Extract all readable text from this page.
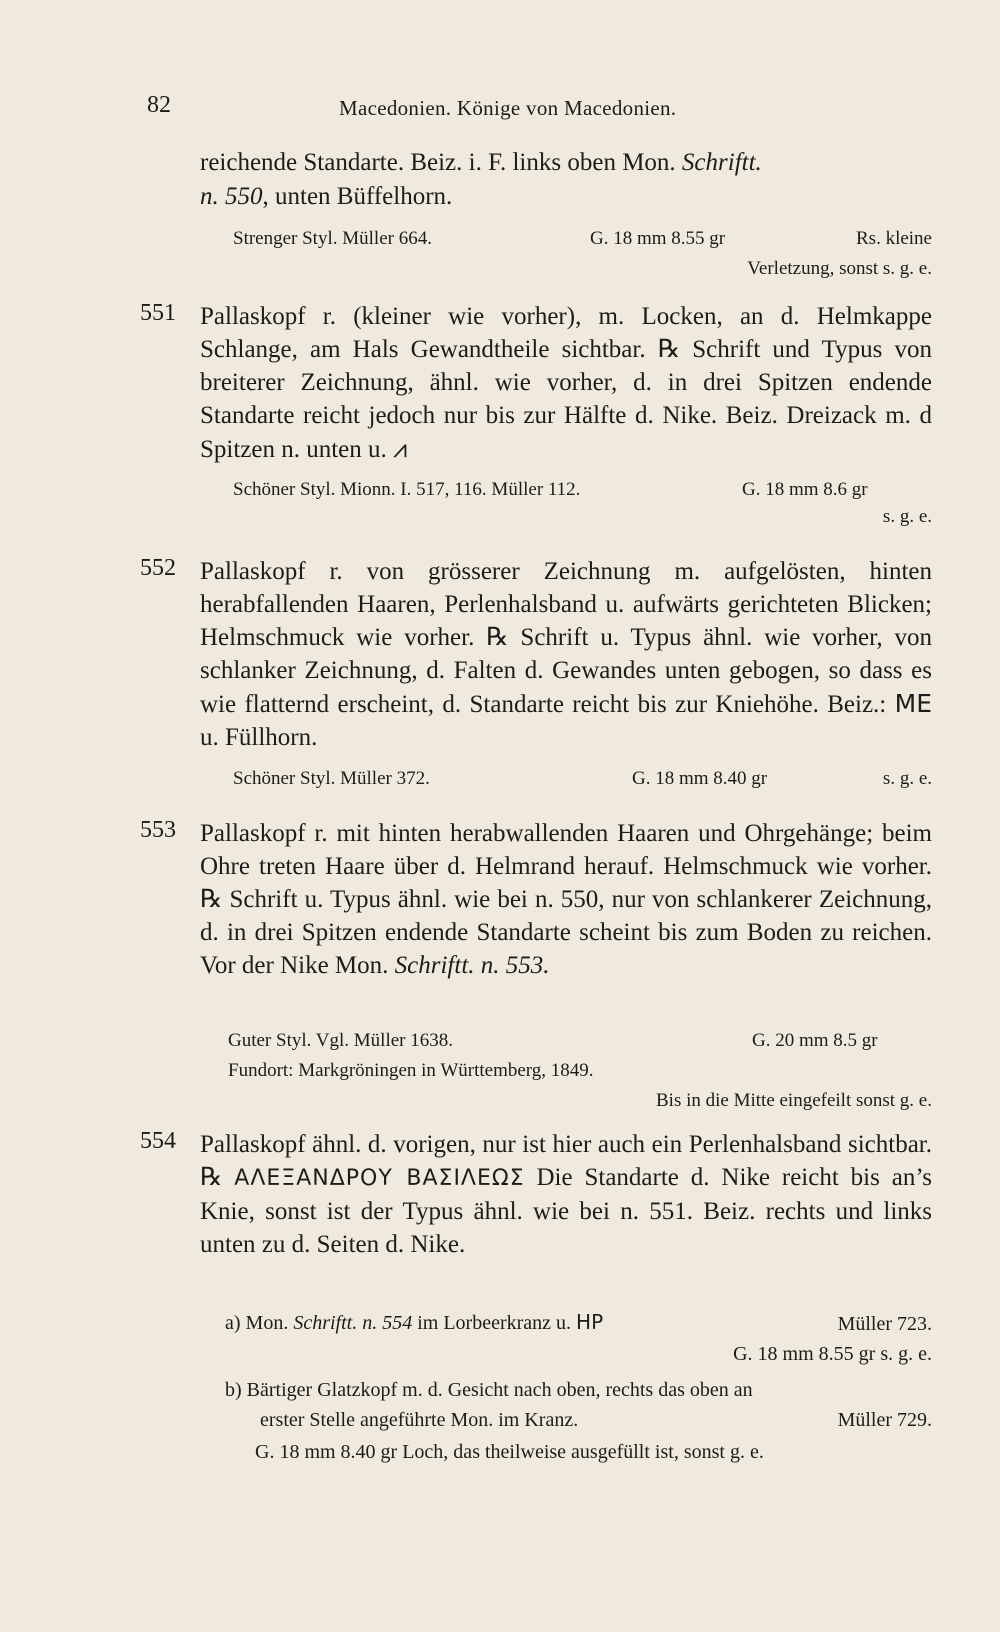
82	Macedonien. Könige von Macedonien.
reichende Standarte. Beiz. i. F. links oben Mon. Schriftt.
n. 550, unten Büffelhorn.
Strenger Styl. Müller 664.	G. 18 mm 8.55 gr	Rs. kleine
Verletzung, sonst s. g. e.
551 Pallaskopf r. (kleiner wie vorher), m. Locken, an d. Helmkappe Schlange, am Hals Gewandtheile sichtbar. ℞ Schrift und Typus von breiterer Zeichnung, ähnl. wie vorher, d. in drei Spitzen endende Standarte reicht jedoch nur bis zur Hälfte d. Nike. Beiz. Dreizack m. d Spitzen n. unten u. ⩘
Schöner Styl. Mionn. I. 517, 116. Müller 112.	G. 18 mm 8.6 gr
s. g. e.
552 Pallaskopf r. von grösserer Zeichnung m. aufgelösten, hinten herabfallenden Haaren, Perlenhalsband u. aufwärts gerichteten Blicken; Helmschmuck wie vorher. ℞ Schrift u. Typus ähnl. wie vorher, von schlanker Zeichnung, d. Falten d. Gewandes unten gebogen, so dass es wie flatternd erscheint, d. Standarte reicht bis zur Kniehöhe. Beiz.: ME u. Füllhorn.
Schöner Styl. Müller 372.	G. 18 mm 8.40 gr	s. g. e.
553 Pallaskopf r. mit hinten herabwallenden Haaren und Ohrgehänge; beim Ohre treten Haare über d. Helmrand herauf. Helmschmuck wie vorher. ℞ Schrift u. Typus ähnl. wie bei n. 550, nur von schlankerer Zeichnung, d. in drei Spitzen endende Standarte scheint bis zum Boden zu reichen. Vor der Nike Mon. Schriftt. n. 553.
Guter Styl. Vgl. Müller 1638.	G. 20 mm 8.5 gr
Fundort: Markgröningen in Württemberg, 1849.
Bis in die Mitte eingefeilt sonst g. e.
554 Pallaskopf ähnl. d. vorigen, nur ist hier auch ein Perlenhalsband sichtbar. ℞ ΑΛΕΞΑΝΔΡΟΥ ΒΑΣΙΛΕΩΣ Die Standarte d. Nike reicht bis an’s Knie, sonst ist der Typus ähnl. wie bei n. 551. Beiz. rechts und links unten zu d. Seiten d. Nike.
a) Mon. Schriftt. n. 554 im Lorbeerkranz u. ΗΡ	Müller 723.
G. 18 mm 8.55 gr s. g. e.
b) Bärtiger Glatzkopf m. d. Gesicht nach oben, rechts das oben an
erster Stelle angeführte Mon. im Kranz.	Müller 729.
G. 18 mm 8.40 gr Loch, das theilweise ausgefüllt ist, sonst g. e.
